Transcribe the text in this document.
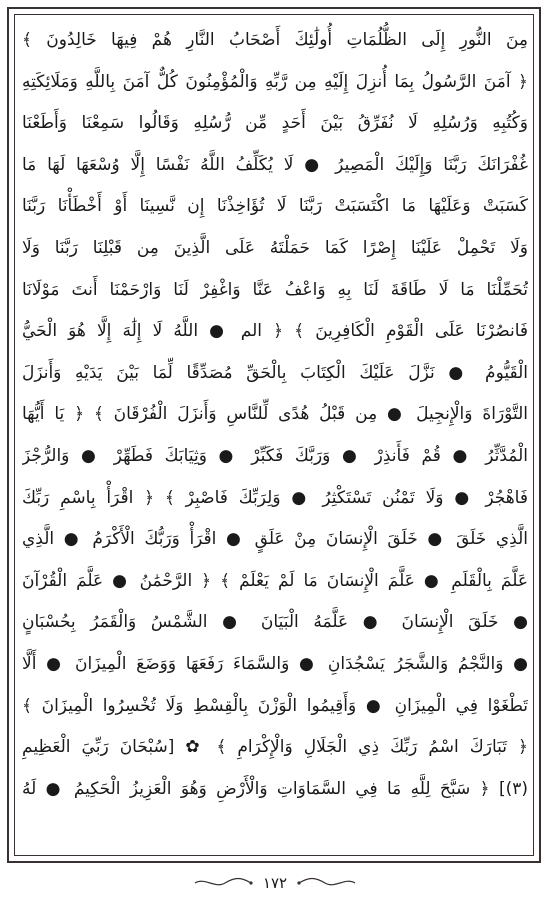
مِنَ النُّورِ إِلَى الظُّلُمَاتِ أُولَٰئِكَ أَصْحَابُ النَّارِ هُمْ فِيهَا خَالِدُونَ ﴾
﴿ آمَنَ الرَّسُولُ بِمَا أُنزِلَ إِلَيْهِ مِن رَّبِّهِ وَالْمُؤْمِنُونَ كُلٌّ آمَنَ بِاللَّهِ وَمَلَائِكَتِهِ
وَكُتُبِهِ وَرُسُلِهِ لَا نُفَرِّقُ بَيْنَ أَحَدٍ مِّن رُّسُلِهِ وَقَالُوا سَمِعْنَا وَأَطَعْنَا
غُفْرَانَكَ رَبَّنَا وَإِلَيْكَ الْمَصِيرُ ● لَا يُكَلِّفُ اللَّهُ نَفْسًا إِلَّا وُسْعَهَا لَهَا مَا
كَسَبَتْ وَعَلَيْهَا مَا اكْتَسَبَتْ رَبَّنَا لَا تُؤَاخِذْنَا إِن نَّسِينَا أَوْ أَخْطَأْنَا رَبَّنَا
وَلَا تَحْمِلْ عَلَيْنَا إِصْرًا كَمَا حَمَلْتَهُ عَلَى الَّذِينَ مِن قَبْلِنَا رَبَّنَا وَلَا
تُحَمِّلْنَا مَا لَا طَاقَةَ لَنَا بِهِ وَاعْفُ عَنَّا وَاغْفِرْ لَنَا وَارْحَمْنَا أَنتَ مَوْلَانَا
فَانصُرْنَا عَلَى الْقَوْمِ الْكَافِرِينَ ﴾ ﴿ الم ● اللَّهُ لَا إِلَٰهَ إِلَّا هُوَ الْحَيُّ
الْقَيُّومُ ● نَزَّلَ عَلَيْكَ الْكِتَابَ بِالْحَقِّ مُصَدِّقًا لِّمَا بَيْنَ يَدَيْهِ وَأَنزَلَ
التَّوْرَاةَ وَالْإِنجِيلَ ● مِن قَبْلُ هُدًى لِّلنَّاسِ وَأَنزَلَ الْفُرْقَانَ ﴾ ﴿ يَا أَيُّهَا
الْمُدَّثِّرُ ● قُمْ فَأَنذِرْ ● وَرَبَّكَ فَكَبِّرْ ● وَثِيَابَكَ فَطَهِّرْ ● وَالرُّجْزَ
فَاهْجُرْ ● وَلَا تَمْنُن تَسْتَكْثِرُ ● وَلِرَبِّكَ فَاصْبِرْ ﴾ ﴿ اقْرَأْ بِاسْمِ رَبِّكَ
الَّذِي خَلَقَ ● خَلَقَ الْإِنسَانَ مِنْ عَلَقٍ ● اقْرَأْ وَرَبُّكَ الْأَكْرَمُ ● الَّذِي
عَلَّمَ بِالْقَلَمِ ● عَلَّمَ الْإِنسَانَ مَا لَمْ يَعْلَمْ ﴾ ﴿ الرَّحْمَٰنُ ● عَلَّمَ الْقُرْآنَ
● خَلَقَ الْإِنسَانَ ● عَلَّمَهُ الْبَيَانَ ● الشَّمْسُ وَالْقَمَرُ بِحُسْبَانٍ
● وَالنَّجْمُ وَالشَّجَرُ يَسْجُدَانِ ● وَالسَّمَاءَ رَفَعَهَا وَوَضَعَ الْمِيزَانَ ● أَلَّا
تَطْغَوْا فِي الْمِيزَانِ ● وَأَقِيمُوا الْوَزْنَ بِالْقِسْطِ وَلَا تُخْسِرُوا الْمِيزَانَ ﴾
﴿ تَبَارَكَ اسْمُ رَبِّكَ ذِي الْجَلَالِ وَالْإِكْرَامِ ﴾ ✿ [سُبْحَانَ رَبِّيَ الْعَظِيمِ
(٣)] ﴿ سَبَّحَ لِلَّهِ مَا فِي السَّمَاوَاتِ وَالْأَرْضِ وَهُوَ الْعَزِيزُ الْحَكِيمُ ● لَهُ
١٧٢
